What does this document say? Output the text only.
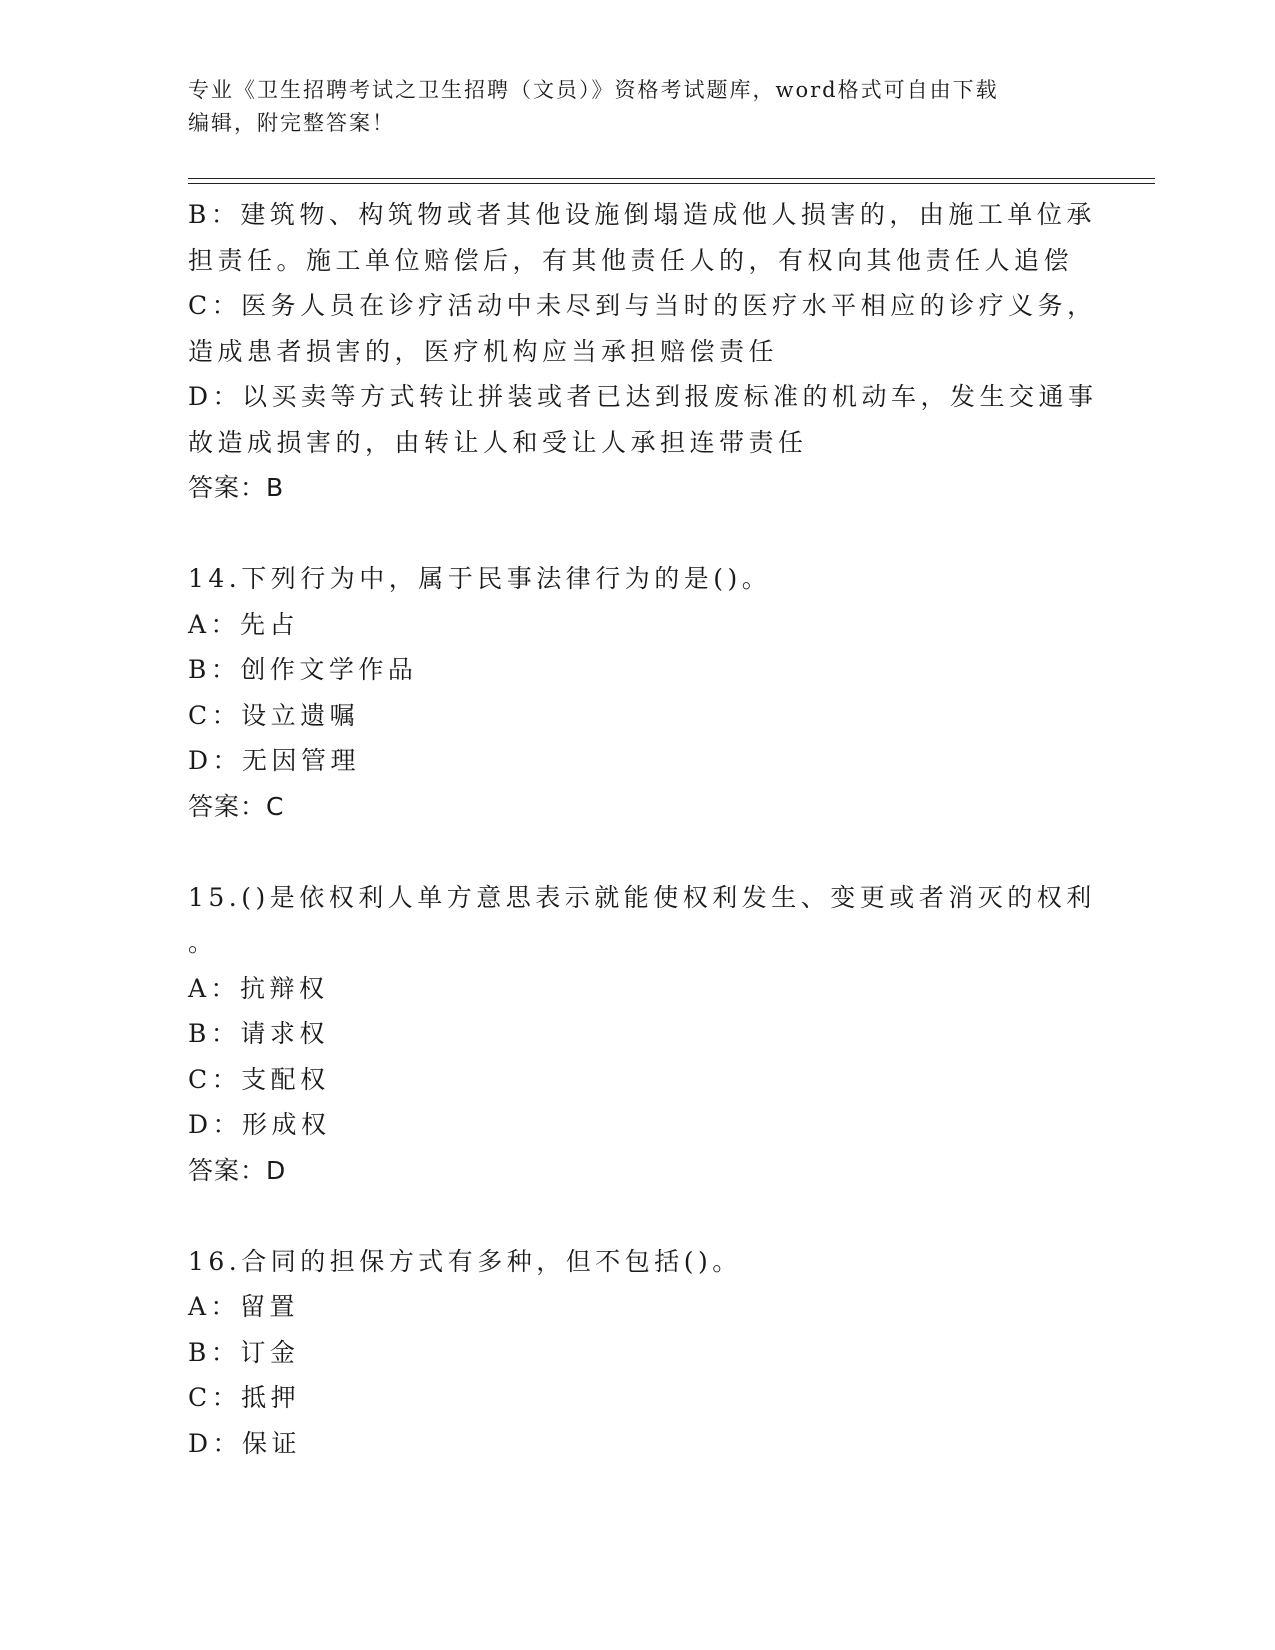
专业《卫生招聘考试之卫生招聘（文员）》资格考试题库，word格式可自由下载
编辑，附完整答案！
B：建筑物、构筑物或者其他设施倒塌造成他人损害的，由施工单位承
担责任。施工单位赔偿后，有其他责任人的，有权向其他责任人追偿
C：医务人员在诊疗活动中未尽到与当时的医疗水平相应的诊疗义务，
造成患者损害的，医疗机构应当承担赔偿责任
D：以买卖等方式转让拼装或者已达到报废标准的机动车，发生交通事
故造成损害的，由转让人和受让人承担连带责任
答案：B
14.下列行为中，属于民事法律行为的是()。
A：先占
B：创作文学作品
C：设立遗嘱
D：无因管理
答案：C
15.()是依权利人单方意思表示就能使权利发生、变更或者消灭的权利
。
A：抗辩权
B：请求权
C：支配权
D：形成权
答案：D
16.合同的担保方式有多种，但不包括()。
A：留置
B：订金
C：抵押
D：保证
